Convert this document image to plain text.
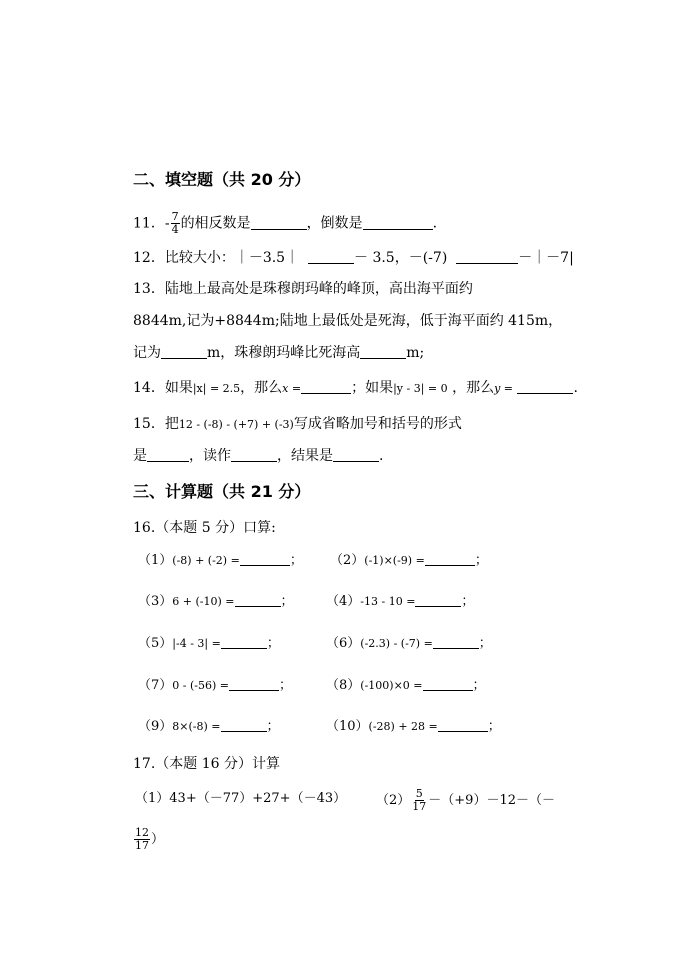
二、填空题（共 20 分）
11．- $\frac{7}{4}$ 的相反数是	，倒数是	.
12．比较大小：｜－3.5｜	－ 3.5，－(-7)	－｜－7|
13．陆地上最高处是珠穆朗玛峰的峰顶，高出海平面约
8844m,记为+8844m;陆地上最低处是死海，低于海平面约 415m，
记为	m，珠穆朗玛峰比死海高	m;
14．如果|x| = 2.5，那么x =	；如果|y - 3| = 0 ，那么y =	.
15．把12 - (-8) - (+7) + (-3)写成省略加号和括号的形式
是	，读作	，结果是	.
三、计算题（共 21 分）
16.（本题 5 分）口算:
（1）(-8) + (-2) =	； （2）(-1)×(-9) =	；
（3）6 + (-10) =	； （4）-13 - 10 =	；
（5）|-4 - 3| =	；	（6）(-2.3) - (-7) =	；
（7）0 - (-56) =	；	（8）(-100)×0 =	；
（9）8×(-8) =	；	（10）(-28) + 28 =	；
17.（本题 16 分）计算
（1）43+（－77）+27+（－43） $(2) \frac{5}{17} -(+9)-12-(-$
$\frac{12}{17}$ ）
